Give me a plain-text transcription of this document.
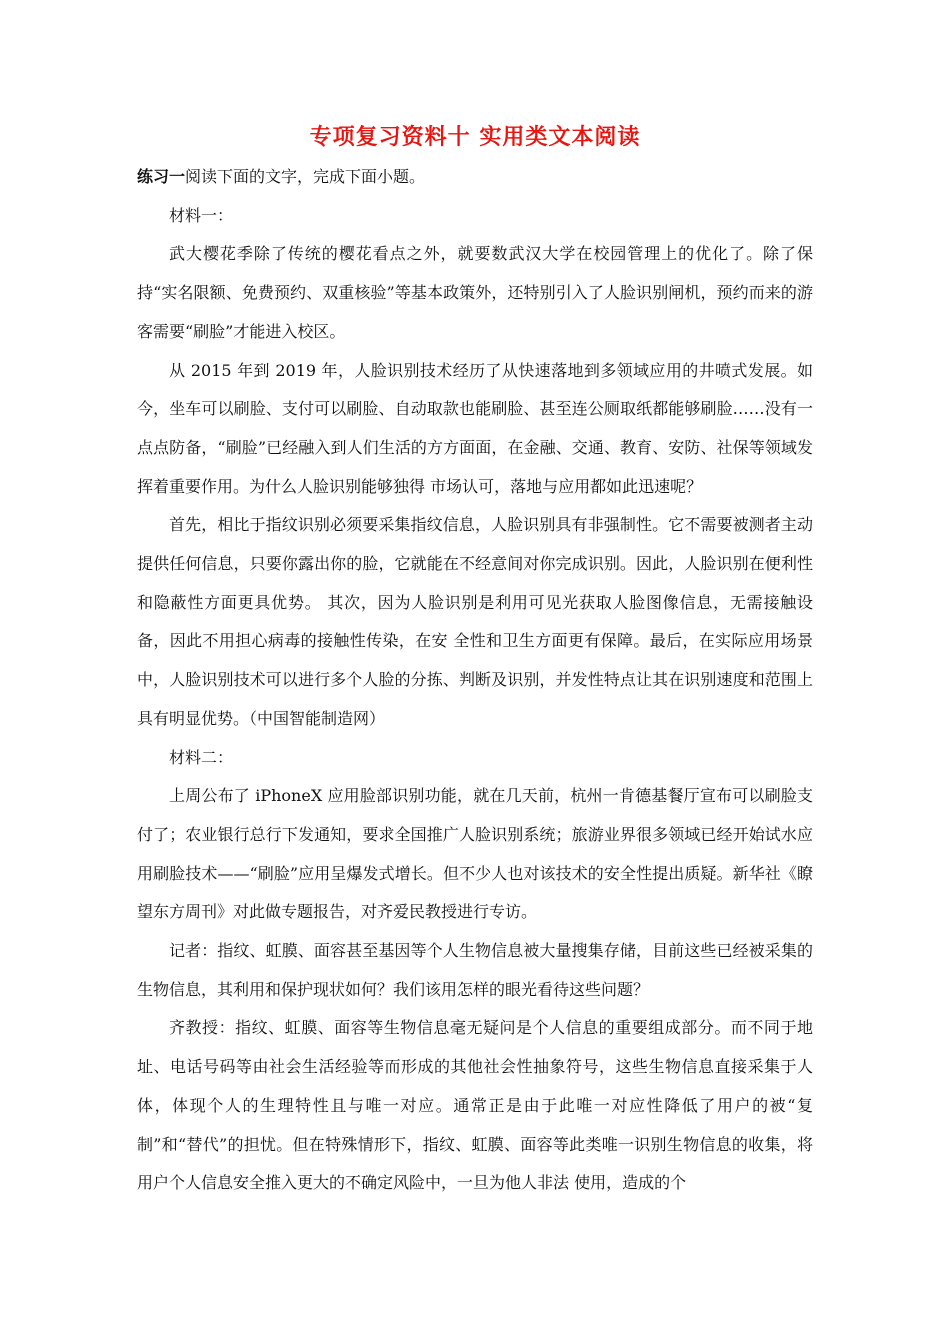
专项复习资料十 实用类文本阅读

练习一阅读下面的文字，完成下面小题。

材料一：

武大樱花季除了传统的樱花看点之外，就要数武汉大学在校园管理上的优化了。除了保持“实名限额、免费预约、双重核验”等基本政策外，还特别引入了人脸识别闸机，预约而来的游客需要“刷脸”才能进入校区。

从 2015 年到 2019 年，人脸识别技术经历了从快速落地到多领域应用的井喷式发展。如今，坐车可以刷脸、支付可以刷脸、自动取款也能刷脸、甚至连公厕取纸都能够刷脸……没有一点点防备，“刷脸”已经融入到人们生活的方方面面，在金融、交通、教育、安防、社保等领域发挥着重要作用。为什么人脸识别能够独得 市场认可，落地与应用都如此迅速呢？

首先，相比于指纹识别必须要采集指纹信息，人脸识别具有非强制性。它不需要被测者主动提供任何信息，只要你露出你的脸，它就能在不经意间对你完成识别。因此，人脸识别在便利性和隐蔽性方面更具优势。 其次，因为人脸识别是利用可见光获取人脸图像信息，无需接触设备，因此不用担心病毒的接触性传染，在安 全性和卫生方面更有保障。最后，在实际应用场景中，人脸识别技术可以进行多个人脸的分拣、判断及识别，并发性特点让其在识别速度和范围上具有明显优势。（中国智能制造网）

材料二：

上周公布了 iPhoneX 应用脸部识别功能，就在几天前，杭州一肯德基餐厅宣布可以刷脸支付了；农业银行总行下发通知，要求全国推广人脸识别系统；旅游业界很多领域已经开始试水应用刷脸技术——“刷脸”应用呈爆发式增长。但不少人也对该技术的安全性提出质疑。新华社《瞭望东方周刊》对此做专题报告，对齐爱民教授进行专访。

记者：指纹、虹膜、面容甚至基因等个人生物信息被大量搜集存储，目前这些已经被采集的生物信息，其利用和保护现状如何？我们该用怎样的眼光看待这些问题？

齐教授：指纹、虹膜、面容等生物信息毫无疑问是个人信息的重要组成部分。而不同于地址、电话号码等由社会生活经验等而形成的其他社会性抽象符号，这些生物信息直接采集于人体，体现个人的生理特性且与唯一对应。通常正是由于此唯一对应性降低了用户的被“复制”和“替代”的担忧。但在特殊情形下，指纹、虹膜、面容等此类唯一识别生物信息的收集，将用户个人信息安全推入更大的不确定风险中，一旦为他人非法 使用，造成的个
